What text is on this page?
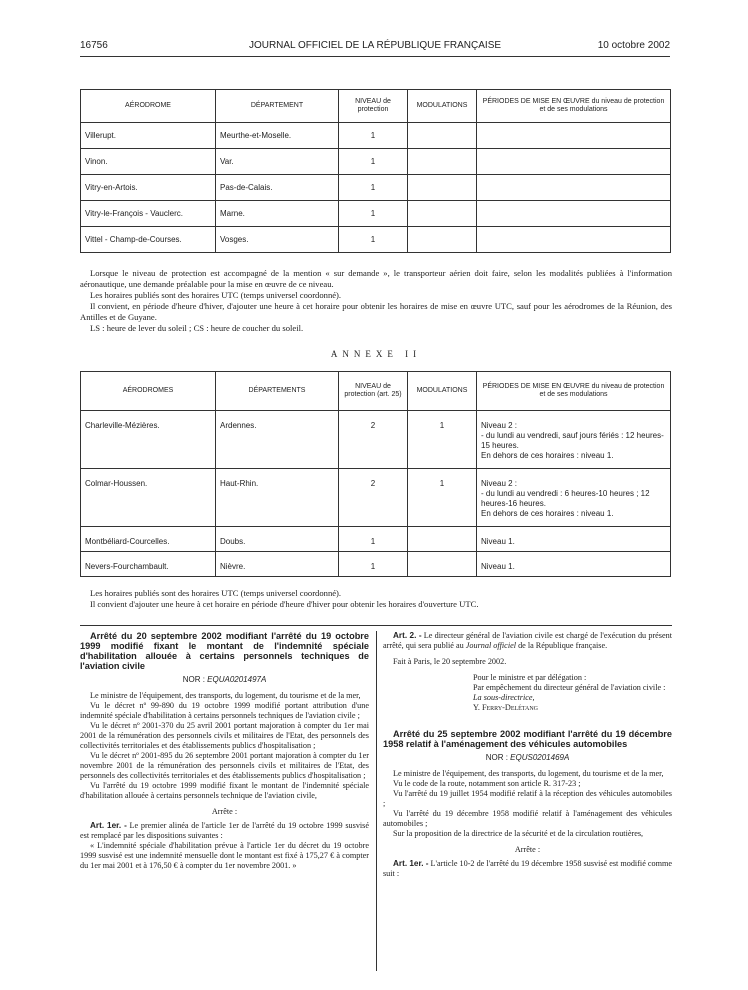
16756	JOURNAL OFFICIEL DE LA RÉPUBLIQUE FRANÇAISE	10 octobre 2002
AÉRODROME	DÉPARTEMENT	NIVEAU de protection	MODULATIONS	PÉRIODES DE MISE EN ŒUVRE du niveau de protection et de ses modulations
Villerupt.	Meurthe-et-Moselle.	1		
Vinon.	Var.	1		
Vitry-en-Artois.	Pas-de-Calais.	1		
Vitry-le-François - Vauclerc.	Marne.	1		
Vittel - Champ-de-Courses.	Vosges.	1		

Lorsque le niveau de protection est accompagné de la mention « sur demande », le transporteur aérien doit faire, selon les modalités publiées à l'information aéronautique, une demande préalable pour la mise en œuvre de ce niveau.

Les horaires publiés sont des horaires UTC (temps universel coordonné).

Il convient, en période d'heure d'hiver, d'ajouter une heure à cet horaire pour obtenir les horaires de mise en œuvre UTC, sauf pour les aérodromes de la Réunion, des Antilles et de Guyane.

LS : heure de lever du soleil ; CS : heure de coucher du soleil.

ANNEXE II
AÉRODROMES	DÉPARTEMENTS	NIVEAU de protection (art. 25)	MODULATIONS	PÉRIODES DE MISE EN ŒUVRE du niveau de protection et de ses modulations
Charleville-Mézières.	Ardennes.	2	1	Niveau 2 :
- du lundi au vendredi, sauf jours fériés : 12 heures-15 heures.
En dehors de ces horaires : niveau 1.

Colmar-Houssen.	Haut-Rhin.	2	1	Niveau 2 :
- du lundi au vendredi : 6 heures-10 heures ; 12 heures-16 heures.
En dehors de ces horaires : niveau 1.

Montbéliard-Courcelles.	Doubs.	1		Niveau 1.

Nevers-Fourchambault.	Nièvre.	1		Niveau 1.

Les horaires publiés sont des horaires UTC (temps universel coordonné).

Il convient d'ajouter une heure à cet horaire en période d'heure d'hiver pour obtenir les horaires d'ouverture UTC.

Arrêté du 20 septembre 2002 modifiant l'arrêté du 19 octobre 1999 modifié fixant le montant de l'indemnité spéciale d'habilitation allouée à certains personnels techniques de l'aviation civile

NOR : EQUA0201497A

Le ministre de l'équipement, des transports, du logement, du tourisme et de la mer,

Vu le décret nº 99-890 du 19 octobre 1999 modifié portant attribution d'une indemnité spéciale d'habilitation à certains personnels techniques de l'aviation civile ;

Vu le décret nº 2001-370 du 25 avril 2001 portant majoration à compter du 1er mai 2001 de la rémunération des personnels civils et militaires de l'Etat, des personnels des collectivités territoriales et des établissements publics d'hospitalisation ;

Vu le décret nº 2001-895 du 26 septembre 2001 portant majoration à compter du 1er novembre 2001 de la rémunération des personnels civils et militaires de l'Etat, des personnels des collectivités territoriales et des établissements publics d'hospitalisation ;

Vu l'arrêté du 19 octobre 1999 modifié fixant le montant de l'indemnité spéciale d'habilitation allouée à certains personnels technique de l'aviation civile,

Arrête :

Art. 1er. - Le premier alinéa de l'article 1er de l'arrêté du 19 octobre 1999 susvisé est remplacé par les dispositions suivantes :

« L'indemnité spéciale d'habilitation prévue à l'article 1er du décret du 19 octobre 1999 susvisé est une indemnité mensuelle dont le montant est fixé à 175,27 € à compter du 1er mai 2001 et à 176,50 € à compter du 1er novembre 2001. »

Art. 2. - Le directeur général de l'aviation civile est chargé de l'exécution du présent arrêté, qui sera publié au Journal officiel de la République française.

Fait à Paris, le 20 septembre 2002.

Pour le ministre et par délégation :

Par empêchement du directeur général de l'aviation civile :

La sous-directrice,

Y. Ferry-Delétang

Arrêté du 25 septembre 2002 modifiant l'arrêté du 19 décembre 1958 relatif à l'aménagement des véhicules automobiles

NOR : EQUS0201469A

Le ministre de l'équipement, des transports, du logement, du tourisme et de la mer,

Vu le code de la route, notamment son article R. 317-23 ;

Vu l'arrêté du 19 juillet 1954 modifié relatif à la réception des véhicules automobiles ;

Vu l'arrêté du 19 décembre 1958 modifié relatif à l'aménagement des véhicules automobiles ;

Sur la proposition de la directrice de la sécurité et de la circulation routières,

Arrête :

Art. 1er. - L'article 10-2 de l'arrêté du 19 décembre 1958 susvisé est modifié comme suit :
